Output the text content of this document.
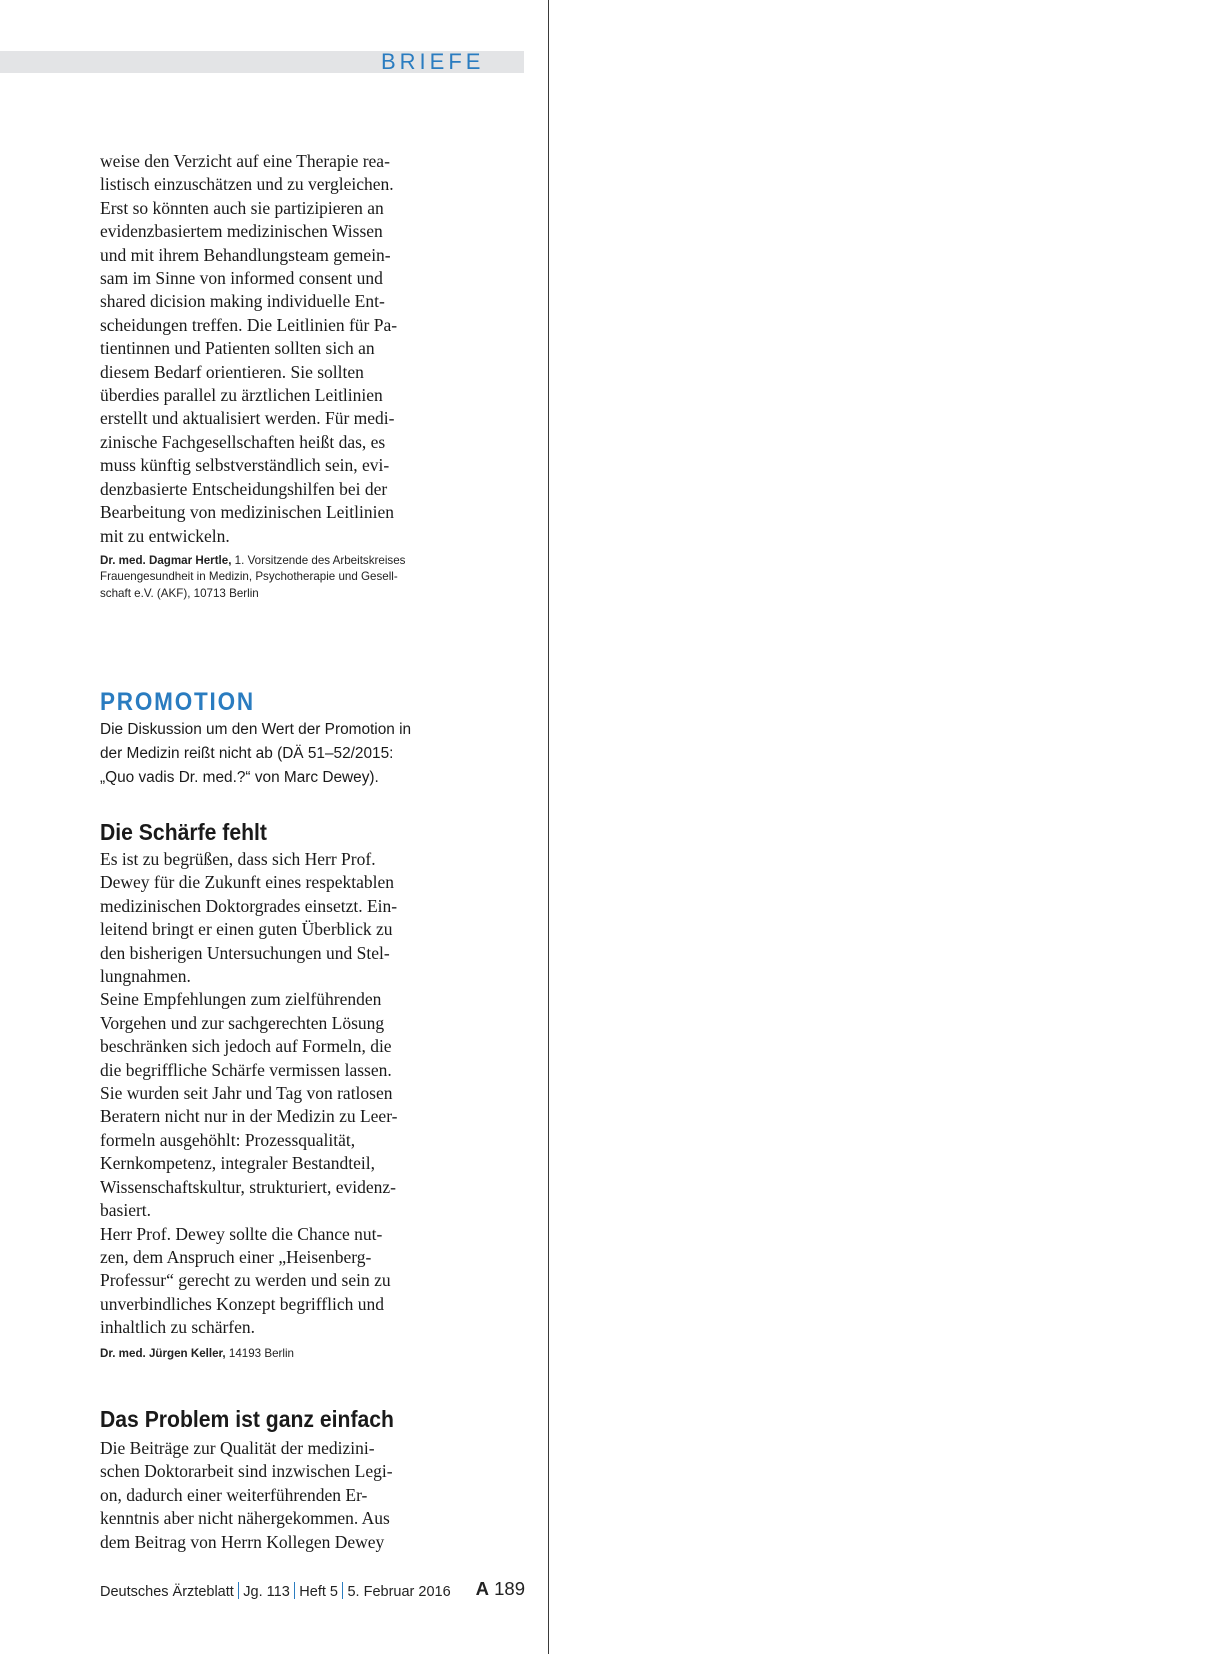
BRIEFE

weise den Verzicht auf eine Therapie rea-
listisch einzuschätzen und zu vergleichen.
Erst so könnten auch sie partizipieren an
evidenzbasiertem medizinischen Wissen
und mit ihrem Behandlungsteam gemein-
sam im Sinne von informed consent und
shared dicision making individuelle Ent-
scheidungen treffen. Die Leitlinien für Pa-
tientinnen und Patienten sollten sich an
diesem Bedarf orientieren. Sie sollten
überdies parallel zu ärztlichen Leitlinien
erstellt und aktualisiert werden. Für medi-
zinische Fachgesellschaften heißt das, es
muss künftig selbstverständlich sein, evi-
denzbasierte Entscheidungshilfen bei der
Bearbeitung von medizinischen Leitlinien
mit zu entwickeln.

Dr. med. Dagmar Hertle, 1. Vorsitzende des Arbeitskreises
Frauengesundheit in Medizin, Psychotherapie und Gesell-
schaft e.V. (AKF), 10713 Berlin

PROMOTION

Die Diskussion um den Wert der Promotion in
der Medizin reißt nicht ab (DÄ 51–52/2015:
„Quo vadis Dr. med.?“ von Marc Dewey).

Die Schärfe fehlt

Es ist zu begrüßen, dass sich Herr Prof.
Dewey für die Zukunft eines respektablen
medizinischen Doktorgrades einsetzt. Ein-
leitend bringt er einen guten Überblick zu
den bisherigen Untersuchungen und Stel-
lungnahmen.
Seine Empfehlungen zum zielführenden
Vorgehen und zur sachgerechten Lösung
beschränken sich jedoch auf Formeln, die
die begriffliche Schärfe vermissen lassen.
Sie wurden seit Jahr und Tag von ratlosen
Beratern nicht nur in der Medizin zu Leer-
formeln ausgehöhlt: Prozessqualität,
Kernkompetenz, integraler Bestandteil,
Wissenschaftskultur, strukturiert, evidenz-
basiert.
Herr Prof. Dewey sollte die Chance nut-
zen, dem Anspruch einer „Heisenberg-
Professur“ gerecht zu werden und sein zu
unverbindliches Konzept begrifflich und
inhaltlich zu schärfen.

Dr. med. Jürgen Keller, 14193 Berlin

Das Problem ist ganz einfach

Die Beiträge zur Qualität der medizini-
schen Doktorarbeit sind inzwischen Legi-
on, dadurch einer weiterführenden Er-
kenntnis aber nicht nähergekommen. Aus
dem Beitrag von Herrn Kollegen Dewey

Deutsches Ärzteblatt Jg. 113 Heft 5 5. Februar 2016 A 189
